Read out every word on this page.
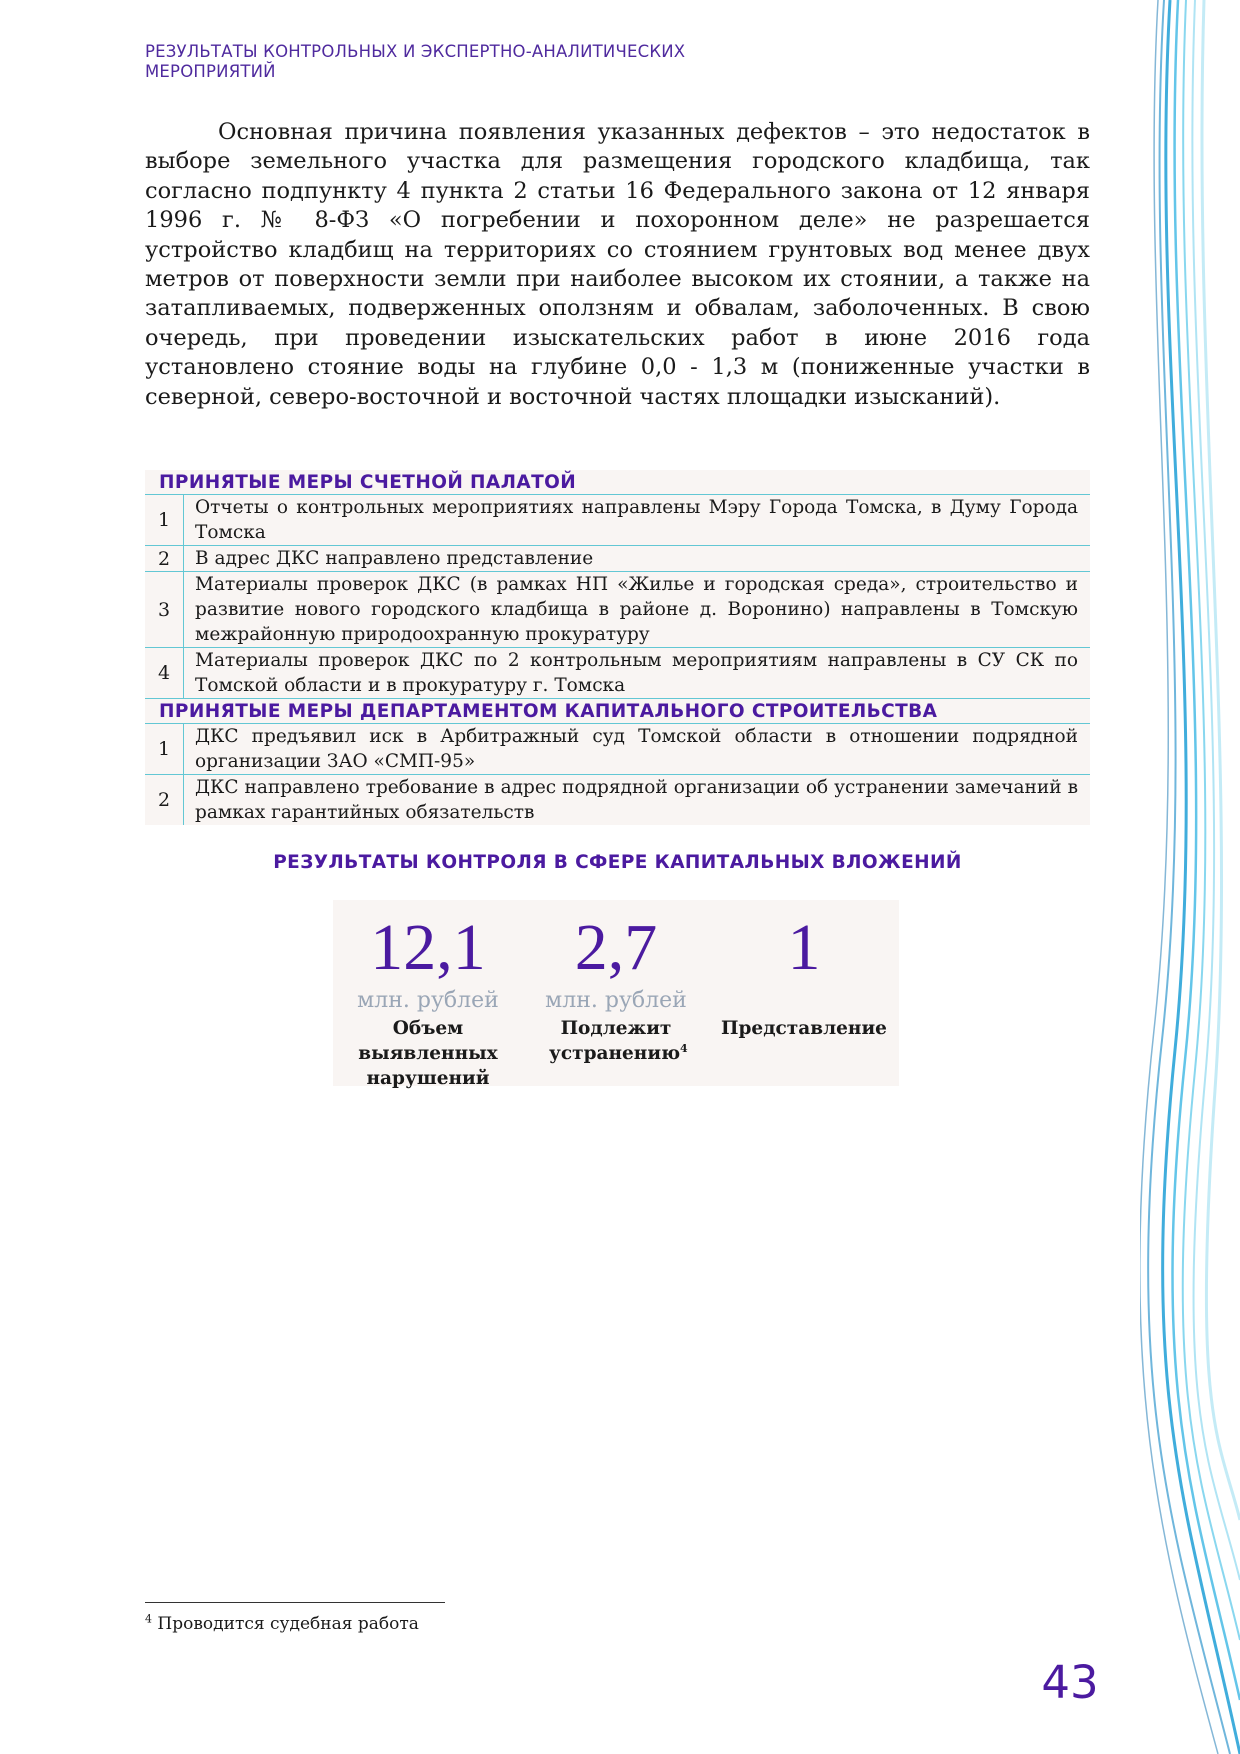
РЕЗУЛЬТАТЫ КОНТРОЛЬНЫХ И ЭКСПЕРТНО-АНАЛИТИЧЕСКИХ
МЕРОПРИЯТИЙ

Основная причина появления указанных дефектов – это недостаток в выборе земельного участка для размещения городского кладбища, так согласно подпункту 4 пункта 2 статьи 16 Федерального закона от 12 января 1996 г. № 8-ФЗ «О погребении и похоронном деле» не разрешается устройство кладбищ на территориях со стоянием грунтовых вод менее двух метров от поверхности земли при наиболее высоком их стоянии, а также на затапливаемых, подверженных оползням и обвалам, заболоченных. В свою очередь, при проведении изыскательских работ в июне 2016 года установлено стояние воды на глубине 0,0 - 1,3 м (пониженные участки в северной, северо-восточной и восточной частях площадки изысканий).

ПРИНЯТЫЕ МЕРЫ СЧЕТНОЙ ПАЛАТОЙ
1
Отчеты о контрольных мероприятиях направлены Мэру Города Томска, в Думу Города Томска
2	В адрес ДКС направлено представление
3
Материалы проверок ДКС (в рамках НП «Жилье и городская среда», строительство и развитие нового городского кладбища в районе д. Воронино) направлены в Томскую межрайонную природоохранную прокуратуру
4
Материалы проверок ДКС по 2 контрольным мероприятиям направлены в СУ СК по Томской области и в прокуратуру г. Томска
ПРИНЯТЫЕ МЕРЫ ДЕПАРТАМЕНТОМ КАПИТАЛЬНОГО СТРОИТЕЛЬСТВА
1
ДКС предъявил иск в Арбитражный суд Томской области в отношении подрядной организации ЗАО «СМП-95»
2
ДКС направлено требование в адрес подрядной организации об устранении замечаний в рамках гарантийных обязательств
РЕЗУЛЬТАТЫ КОНТРОЛЯ В СФЕРЕ КАПИТАЛЬНЫХ ВЛОЖЕНИЙ
12,1
млн. рублей
Объем выявленных нарушений
2,7
млн. рублей
Подлежит устранению$^4$
1
Представление
$^4$ Проводится судебная работа
43
